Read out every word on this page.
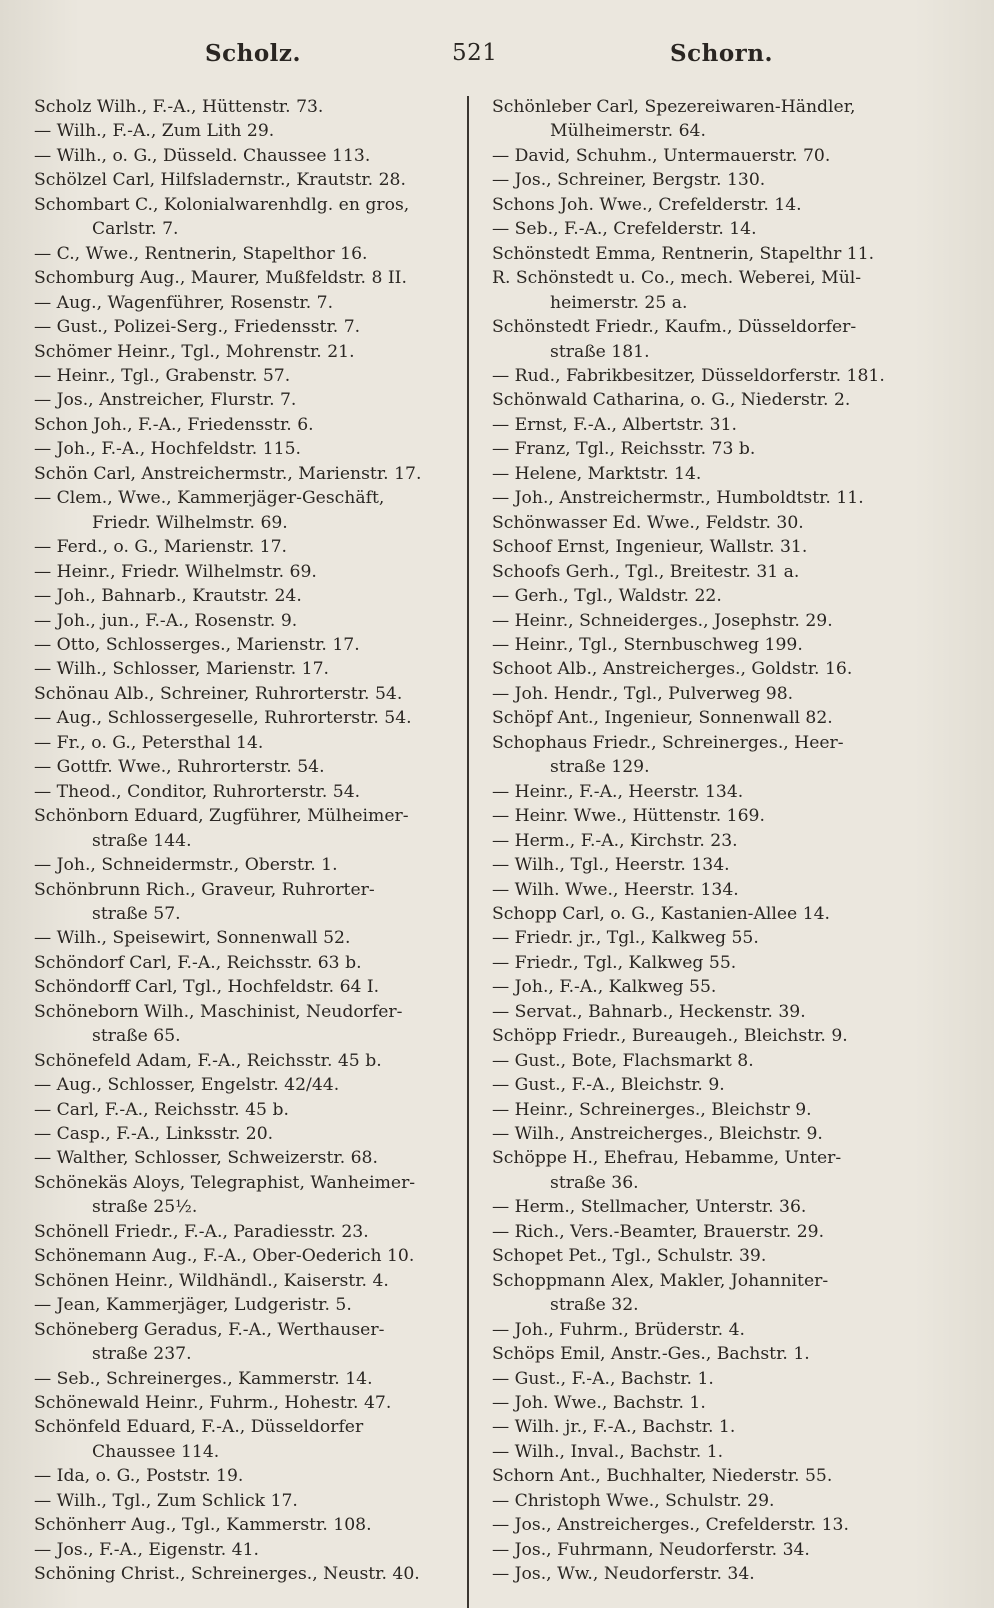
Scholz.	521	Schorn.
Scholz Wilh., F.-A., Hüttenstr. 73.
— Wilh., F.-A., Zum Lith 29.
— Wilh., o. G., Düsseld. Chaussee 113.
Schölzel Carl, Hilfsladernstr., Krautstr. 28.
Schombart C., Kolonialwarenhdlg. en gros,
Carlstr. 7.
— C., Wwe., Rentnerin, Stapelthor 16.
Schomburg Aug., Maurer, Mußfeldstr. 8 II.
— Aug., Wagenführer, Rosenstr. 7.
— Gust., Polizei-Serg., Friedensstr. 7.
Schömer Heinr., Tgl., Mohrenstr. 21.
— Heinr., Tgl., Grabenstr. 57.
— Jos., Anstreicher, Flurstr. 7.
Schon Joh., F.-A., Friedensstr. 6.
— Joh., F.-A., Hochfeldstr. 115.
Schön Carl, Anstreichermstr., Marienstr. 17.
— Clem., Wwe., Kammerjäger-Geschäft,
Friedr. Wilhelmstr. 69.
— Ferd., o. G., Marienstr. 17.
— Heinr., Friedr. Wilhelmstr. 69.
— Joh., Bahnarb., Krautstr. 24.
— Joh., jun., F.-A., Rosenstr. 9.
— Otto, Schlosserges., Marienstr. 17.
— Wilh., Schlosser, Marienstr. 17.
Schönau Alb., Schreiner, Ruhrorterstr. 54.
— Aug., Schlossergeselle, Ruhrorterstr. 54.
— Fr., o. G., Petersthal 14.
— Gottfr. Wwe., Ruhrorterstr. 54.
— Theod., Conditor, Ruhrorterstr. 54.
Schönborn Eduard, Zugführer, Mülheimer-
straße 144.
— Joh., Schneidermstr., Oberstr. 1.
Schönbrunn Rich., Graveur, Ruhrorter-
straße 57.
— Wilh., Speisewirt, Sonnenwall 52.
Schöndorf Carl, F.-A., Reichsstr. 63 b.
Schöndorff Carl, Tgl., Hochfeldstr. 64 I.
Schöneborn Wilh., Maschinist, Neudorfer-
straße 65.
Schönefeld Adam, F.-A., Reichsstr. 45 b.
— Aug., Schlosser, Engelstr. 42/44.
— Carl, F.-A., Reichsstr. 45 b.
— Casp., F.-A., Linksstr. 20.
— Walther, Schlosser, Schweizerstr. 68.
Schönekäs Aloys, Telegraphist, Wanheimer-
straße 25½.
Schönell Friedr., F.-A., Paradiesstr. 23.
Schönemann Aug., F.-A., Ober-Oederich 10.
Schönen Heinr., Wildhändl., Kaiserstr. 4.
— Jean, Kammerjäger, Ludgeristr. 5.
Schöneberg Geradus, F.-A., Werthauser-
straße 237.
— Seb., Schreinerges., Kammerstr. 14.
Schönewald Heinr., Fuhrm., Hohestr. 47.
Schönfeld Eduard, F.-A., Düsseldorfer
Chaussee 114.
— Ida, o. G., Poststr. 19.
— Wilh., Tgl., Zum Schlick 17.
Schönherr Aug., Tgl., Kammerstr. 108.
— Jos., F.-A., Eigenstr. 41.
Schöning Christ., Schreinerges., Neustr. 40.
Schönleber Carl, Spezereiwaren-Händler,
Mülheimerstr. 64.
— David, Schuhm., Untermauerstr. 70.
— Jos., Schreiner, Bergstr. 130.
Schons Joh. Wwe., Crefelderstr. 14.
— Seb., F.-A., Crefelderstr. 14.
Schönstedt Emma, Rentnerin, Stapelthr 11.
R. Schönstedt u. Co., mech. Weberei, Mül-
heimerstr. 25 a.
Schönstedt Friedr., Kaufm., Düsseldorfer-
straße 181.
— Rud., Fabrikbesitzer, Düsseldorferstr. 181.
Schönwald Catharina, o. G., Niederstr. 2.
— Ernst, F.-A., Albertstr. 31.
— Franz, Tgl., Reichsstr. 73 b.
— Helene, Marktstr. 14.
— Joh., Anstreichermstr., Humboldtstr. 11.
Schönwasser Ed. Wwe., Feldstr. 30.
Schoof Ernst, Ingenieur, Wallstr. 31.
Schoofs Gerh., Tgl., Breitestr. 31 a.
— Gerh., Tgl., Waldstr. 22.
— Heinr., Schneiderges., Josephstr. 29.
— Heinr., Tgl., Sternbuschweg 199.
Schoot Alb., Anstreicherges., Goldstr. 16.
— Joh. Hendr., Tgl., Pulverweg 98.
Schöpf Ant., Ingenieur, Sonnenwall 82.
Schophaus Friedr., Schreinerges., Heer-
straße 129.
— Heinr., F.-A., Heerstr. 134.
— Heinr. Wwe., Hüttenstr. 169.
— Herm., F.-A., Kirchstr. 23.
— Wilh., Tgl., Heerstr. 134.
— Wilh. Wwe., Heerstr. 134.
Schopp Carl, o. G., Kastanien-Allee 14.
— Friedr. jr., Tgl., Kalkweg 55.
— Friedr., Tgl., Kalkweg 55.
— Joh., F.-A., Kalkweg 55.
— Servat., Bahnarb., Heckenstr. 39.
Schöpp Friedr., Bureaugeh., Bleichstr. 9.
— Gust., Bote, Flachsmarkt 8.
— Gust., F.-A., Bleichstr. 9.
— Heinr., Schreinerges., Bleichstr 9.
— Wilh., Anstreicherges., Bleichstr. 9.
Schöppe H., Ehefrau, Hebamme, Unter-
straße 36.
— Herm., Stellmacher, Unterstr. 36.
— Rich., Vers.-Beamter, Brauerstr. 29.
Schopet Pet., Tgl., Schulstr. 39.
Schoppmann Alex, Makler, Johanniter-
straße 32.
— Joh., Fuhrm., Brüderstr. 4.
Schöps Emil, Anstr.-Ges., Bachstr. 1.
— Gust., F.-A., Bachstr. 1.
— Joh. Wwe., Bachstr. 1.
— Wilh. jr., F.-A., Bachstr. 1.
— Wilh., Inval., Bachstr. 1.
Schorn Ant., Buchhalter, Niederstr. 55.
— Christoph Wwe., Schulstr. 29.
— Jos., Anstreicherges., Crefelderstr. 13.
— Jos., Fuhrmann, Neudorferstr. 34.
— Jos., Ww., Neudorferstr. 34.
